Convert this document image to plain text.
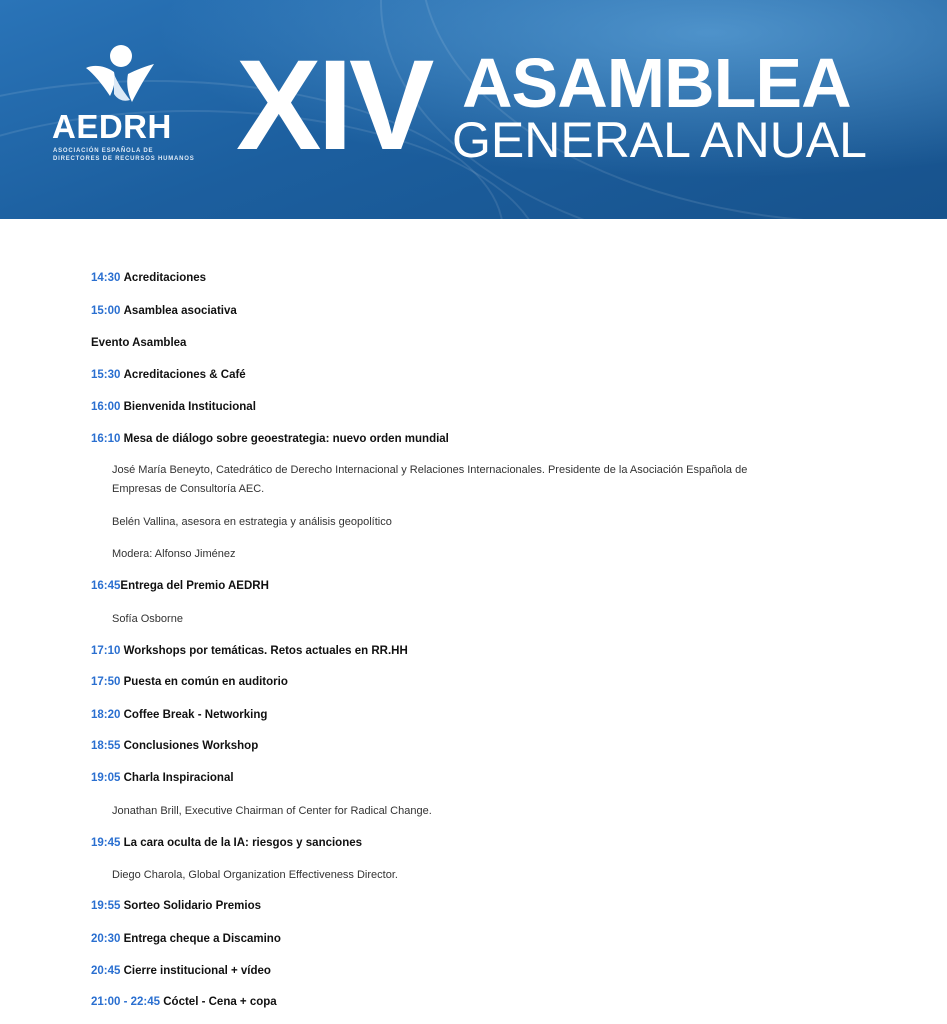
AEDRH
ASOCIACIÓN ESPAÑOLA DE
DIRECTORES DE RECURSOS HUMANOS XIV ASAMBLEA
GENERAL ANUAL
14:30 Acreditaciones
15:00 Asamblea asociativa
Evento Asamblea
15:30 Acreditaciones & Café
16:00 Bienvenida Institucional
16:10 Mesa de diálogo sobre geoestrategia: nuevo orden mundial
José María Beneyto, Catedrático de Derecho Internacional y Relaciones Internacionales. Presidente de la Asociación Española de
Empresas de Consultoría AEC.
Belén Vallina, asesora en estrategia y análisis geopolítico
Modera: Alfonso Jiménez
16:45Entrega del Premio AEDRH
Sofía Osborne
17:10 Workshops por temáticas. Retos actuales en RR.HH
17:50 Puesta en común en auditorio
18:20 Coffee Break - Networking
18:55 Conclusiones Workshop
19:05 Charla Inspiracional
Jonathan Brill, Executive Chairman of Center for Radical Change.
19:45 La cara oculta de la IA: riesgos y sanciones
Diego Charola, Global Organization Effectiveness Director.
19:55 Sorteo Solidario Premios
20:30 Entrega cheque a Discamino
20:45 Cierre institucional + vídeo
21:00 - 22:45 Cóctel - Cena + copa
